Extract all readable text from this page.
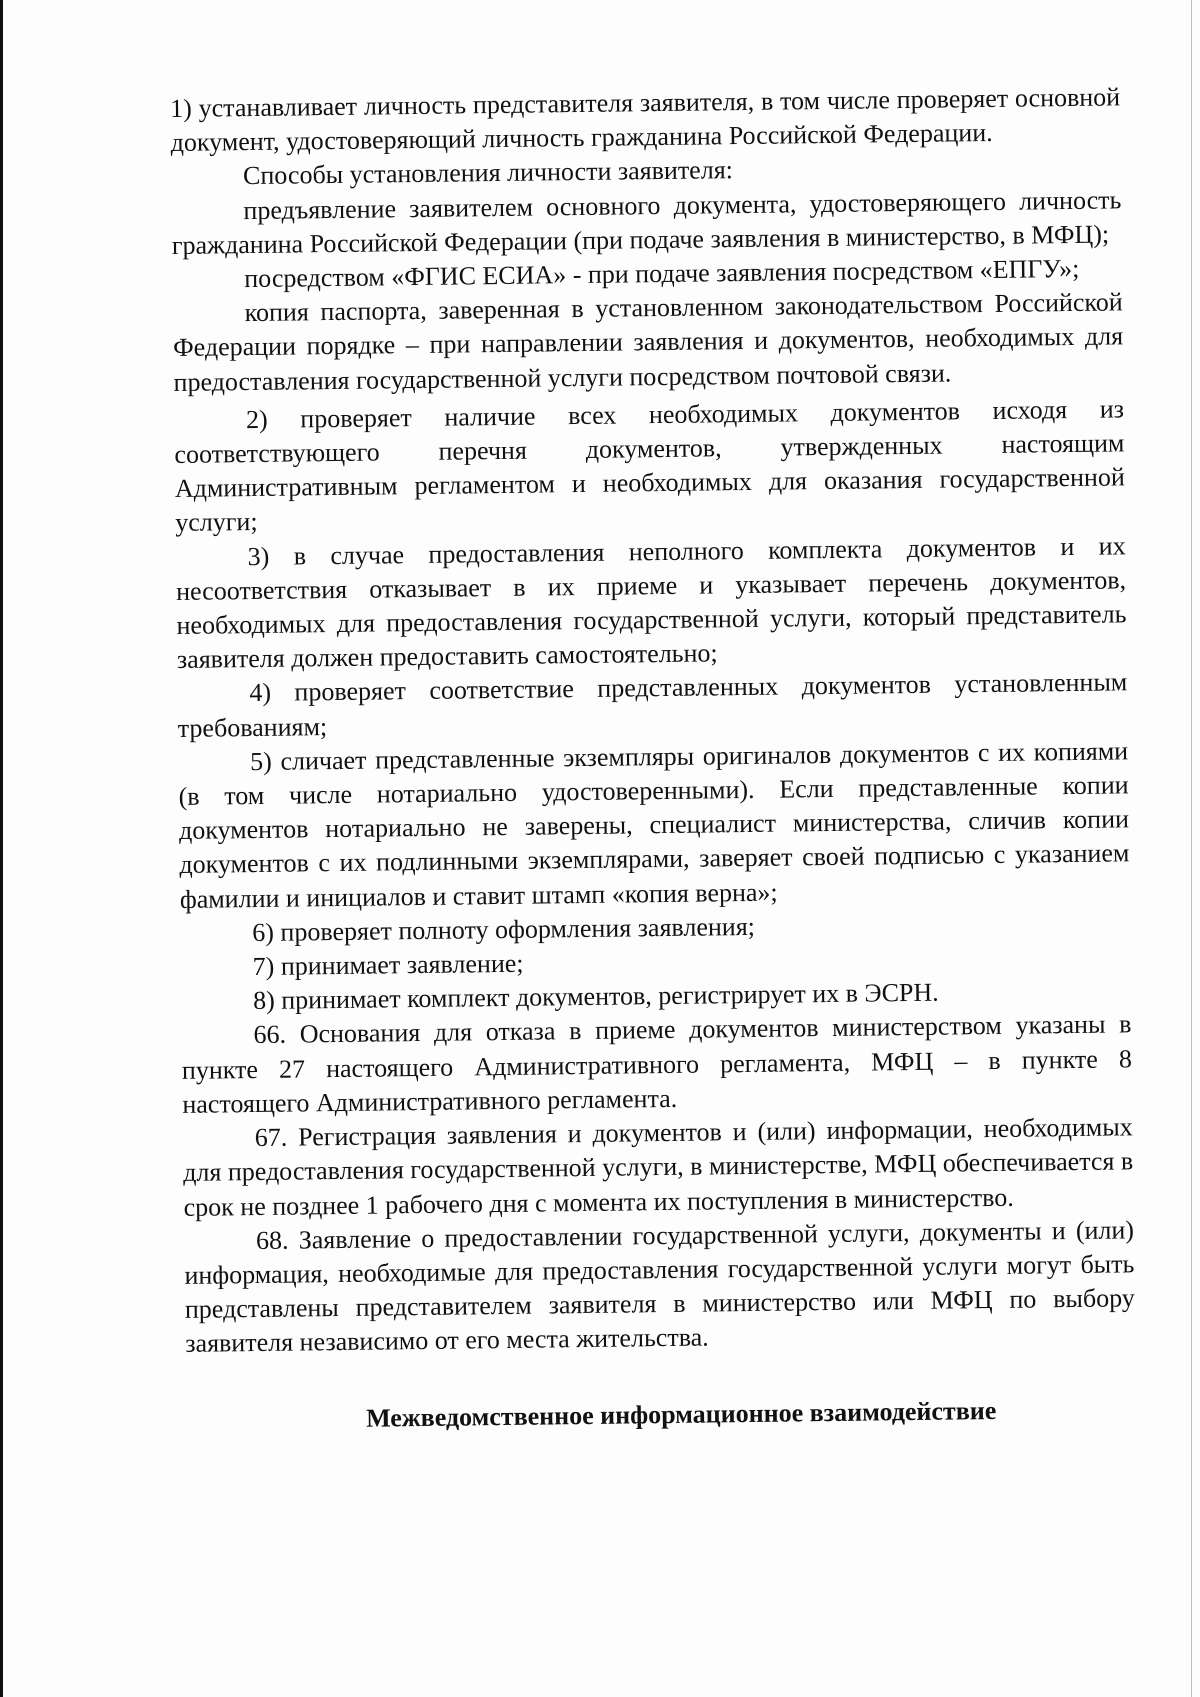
1) устанавливает личность представителя заявителя, в том числе проверяет основной документ, удостоверяющий личность гражданина Российской Федерации.

Способы установления личности заявителя:

предъявление заявителем основного документа, удостоверяющего личность гражданина Российской Федерации (при подаче заявления в министерство, в МФЦ);

посредством «ФГИС ЕСИА» - при подаче заявления посредством «ЕПГУ»;

копия паспорта, заверенная в установленном законодательством Российской Федерации порядке – при направлении заявления и документов, необходимых для предоставления государственной услуги посредством почтовой связи.

2) проверяет наличие всех необходимых документов исходя из соответствующего перечня документов, утвержденных настоящим Административным регламентом и необходимых для оказания государственной услуги;

3) в случае предоставления неполного комплекта документов и их несоответствия отказывает в их приеме и указывает перечень документов, необходимых для предоставления государственной услуги, который представитель заявителя должен предоставить самостоятельно;

4) проверяет соответствие представленных документов установленным требованиям;

5) сличает представленные экземпляры оригиналов документов с их копиями (в том числе нотариально удостоверенными). Если представленные копии документов нотариально не заверены, специалист министерства, сличив копии документов с их подлинными экземплярами, заверяет своей подписью с указанием фамилии и инициалов и ставит штамп «копия верна»;

6) проверяет полноту оформления заявления;

7) принимает заявление;

8) принимает комплект документов, регистрирует их в ЭСРН.

66. Основания для отказа в приеме документов министерством указаны в пункте 27 настоящего Административного регламента, МФЦ – в пункте 8 настоящего Административного регламента.

67. Регистрация заявления и документов и (или) информации, необходимых для предоставления государственной услуги, в министерстве, МФЦ обеспечивается в срок не позднее 1 рабочего дня с момента их поступления в министерство.

68. Заявление о предоставлении государственной услуги, документы и (или) информация, необходимые для предоставления государственной услуги могут быть представлены представителем заявителя в министерство или МФЦ по выбору заявителя независимо от его места жительства.

Межведомственное информационное взаимодействие
